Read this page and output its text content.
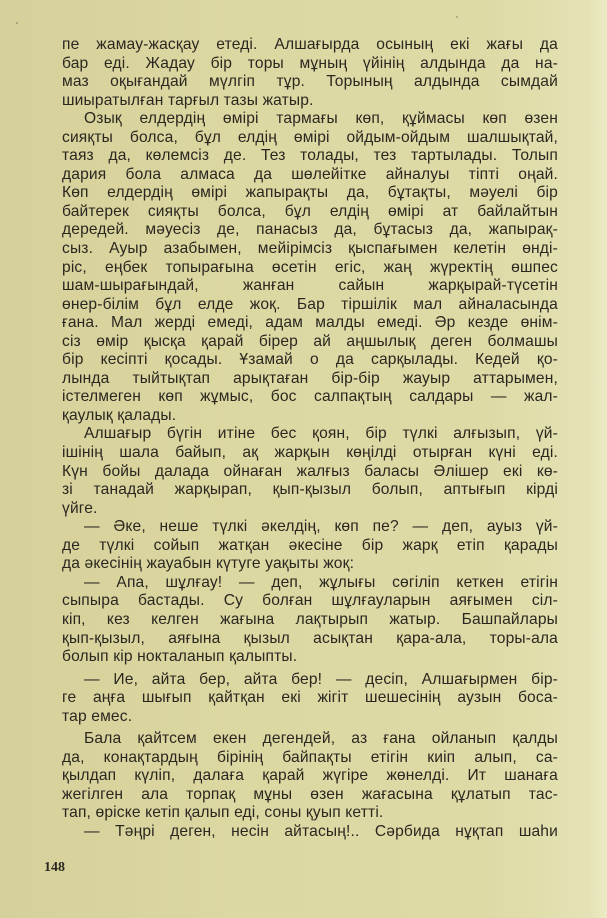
пе жамау-жасқау етеді. Алшағырда осының екі жағы да
бар еді. Жадау бір торы мұның үйінің алдында да на-
маз оқығандай мүлгіп тұр. Торының алдында сымдай
шиыратылған тарғыл тазы жатыр.
Озық елдердің өмірі тармағы көп, құймасы көп өзен
сияқты болса, бұл елдің өмірі ойдым-ойдым шалшықтай,
таяз да, көлемсіз де. Тез толады, тез тартылады. Толып
дария бола алмаса да шөлейітке айналуы тіпті оңай.
Көп елдердің өмірі жапырақты да, бұтақты, мәуелі бір
байтерек сияқты болса, бұл елдің өмірі ат байлайтын
дередей. мәуесіз де, панасыз да, бұтасыз да, жапырақ-
сыз. Ауыр азабымен, мейірімсіз қыспағымен келетін өнді-
ріс, еңбек топырағына өсетін егіс, жаң жүректің өшпес
шам-шырағындай, жанған сайын жарқырай-түсетін
өнер-білім бұл елде жоқ. Бар тіршілік мал айналасында
ғана. Мал жерді емеді, адам малды емеді. Әр кезде өнім-
сіз өмір қысқа қарай бірер ай аңшылық деген болмашы
бір кесіпті қосады. Ұзамай о да сарқылады. Кедей қо-
лында тыйтықтап арықтаған бір-бір жауыр аттарымен,
істелмеген көп жұмыс, бос салпақтың салдары — жал-
қаулық қалады.
Алшағыр бүгін итіне бес қоян, бір түлкі алғызып, үй-
ішінің шала байып, ақ жарқын көңілді отырған күні еді.
Күн бойы далада ойнаған жалғыз баласы Әлішер екі кө-
зі танадай жарқырап, қып-қызыл болып, аптығып кірді
үйге.
— Әке, неше түлкі әкелдің, көп пе? — деп, ауыз үй-
де түлкі сойып жатқан әкесіне бір жарқ етіп қарады
да әкесінің жауабын күтуге уақыты жоқ:
— Апа, шұлғау! — деп, жұлығы сөгіліп кеткен етігін
сыпыра бастады. Су болған шұлғауларын аяғымен сіл-
кіп, кез келген жағына лақтырып жатыр. Башпайлары
қып-қызыл, аяғына қызыл асықтан қара-ала, торы-ала
болып кір нокталанып қалыпты.
— Ие, айта бер, айта бер! — десіп, Алшағырмен бір-
ге аңға шығып қайтқан екі жігіт шешесінің аузын боса-
тар емес.
Бала қайтсем екен дегендей, аз ғана ойланып қалды
да, конақтардың бірінің байпақты етігін киіп алып, са-
қылдап күліп, далаға қарай жүгіре жөнелді. Ит шанаға
жегілген ала торпақ мұны өзен жағасына құлатып тас-
тап, өріске кетіп қалып еді, соны қуып кетті.
— Тәңрі деген, несін айтасың!.. Сәрбида нұқтап шаһи
148
